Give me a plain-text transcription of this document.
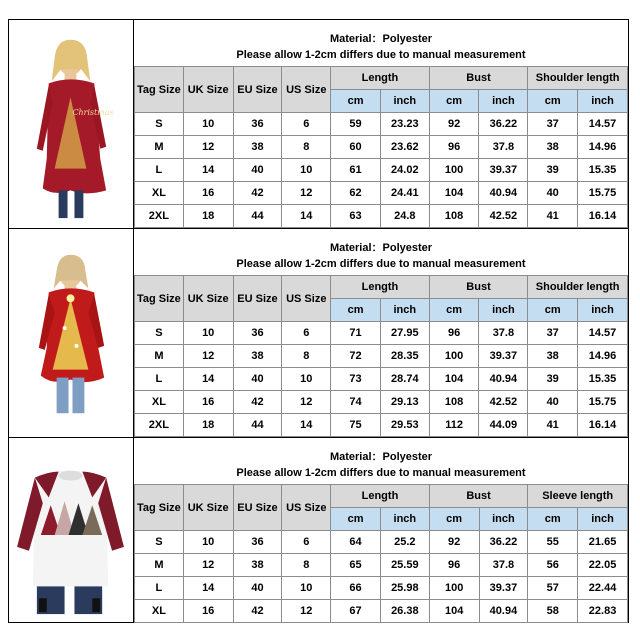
Christmas
Material：Polyester
Please allow 1-2cm differs due to manual measurement
Tag Size	UK Size	EU Size	US Size	Length		Bust		Shoulder length	
				cm	inch	cm	inch	cm	inch
S	10	36	6	59	23.23	92	36.22	37	14.57
M	12	38	8	60	23.62	96	37.8	38	14.96
L	14	40	10	61	24.02	100	39.37	39	15.35
XL	16	42	12	62	24.41	104	40.94	40	15.75
2XL	18	44	14	63	24.8	108	42.52	41	16.14
Material：Polyester
Please allow 1-2cm differs due to manual measurement
Tag Size	UK Size	EU Size	US Size	Length		Bust		Shoulder length	
				cm	inch	cm	inch	cm	inch
S	10	36	6	71	27.95	96	37.8	37	14.57
M	12	38	8	72	28.35	100	39.37	38	14.96
L	14	40	10	73	28.74	104	40.94	39	15.35
XL	16	42	12	74	29.13	108	42.52	40	15.75
2XL	18	44	14	75	29.53	112	44.09	41	16.14
Material：Polyester
Please allow 1-2cm differs due to manual measurement
Tag Size	UK Size	EU Size	US Size	Length		Bust		Sleeve length	
				cm	inch	cm	inch	cm	inch
S	10	36	6	64	25.2	92	36.22	55	21.65
M	12	38	8	65	25.59	96	37.8	56	22.05
L	14	40	10	66	25.98	100	39.37	57	22.44
XL	16	42	12	67	26.38	104	40.94	58	22.83
